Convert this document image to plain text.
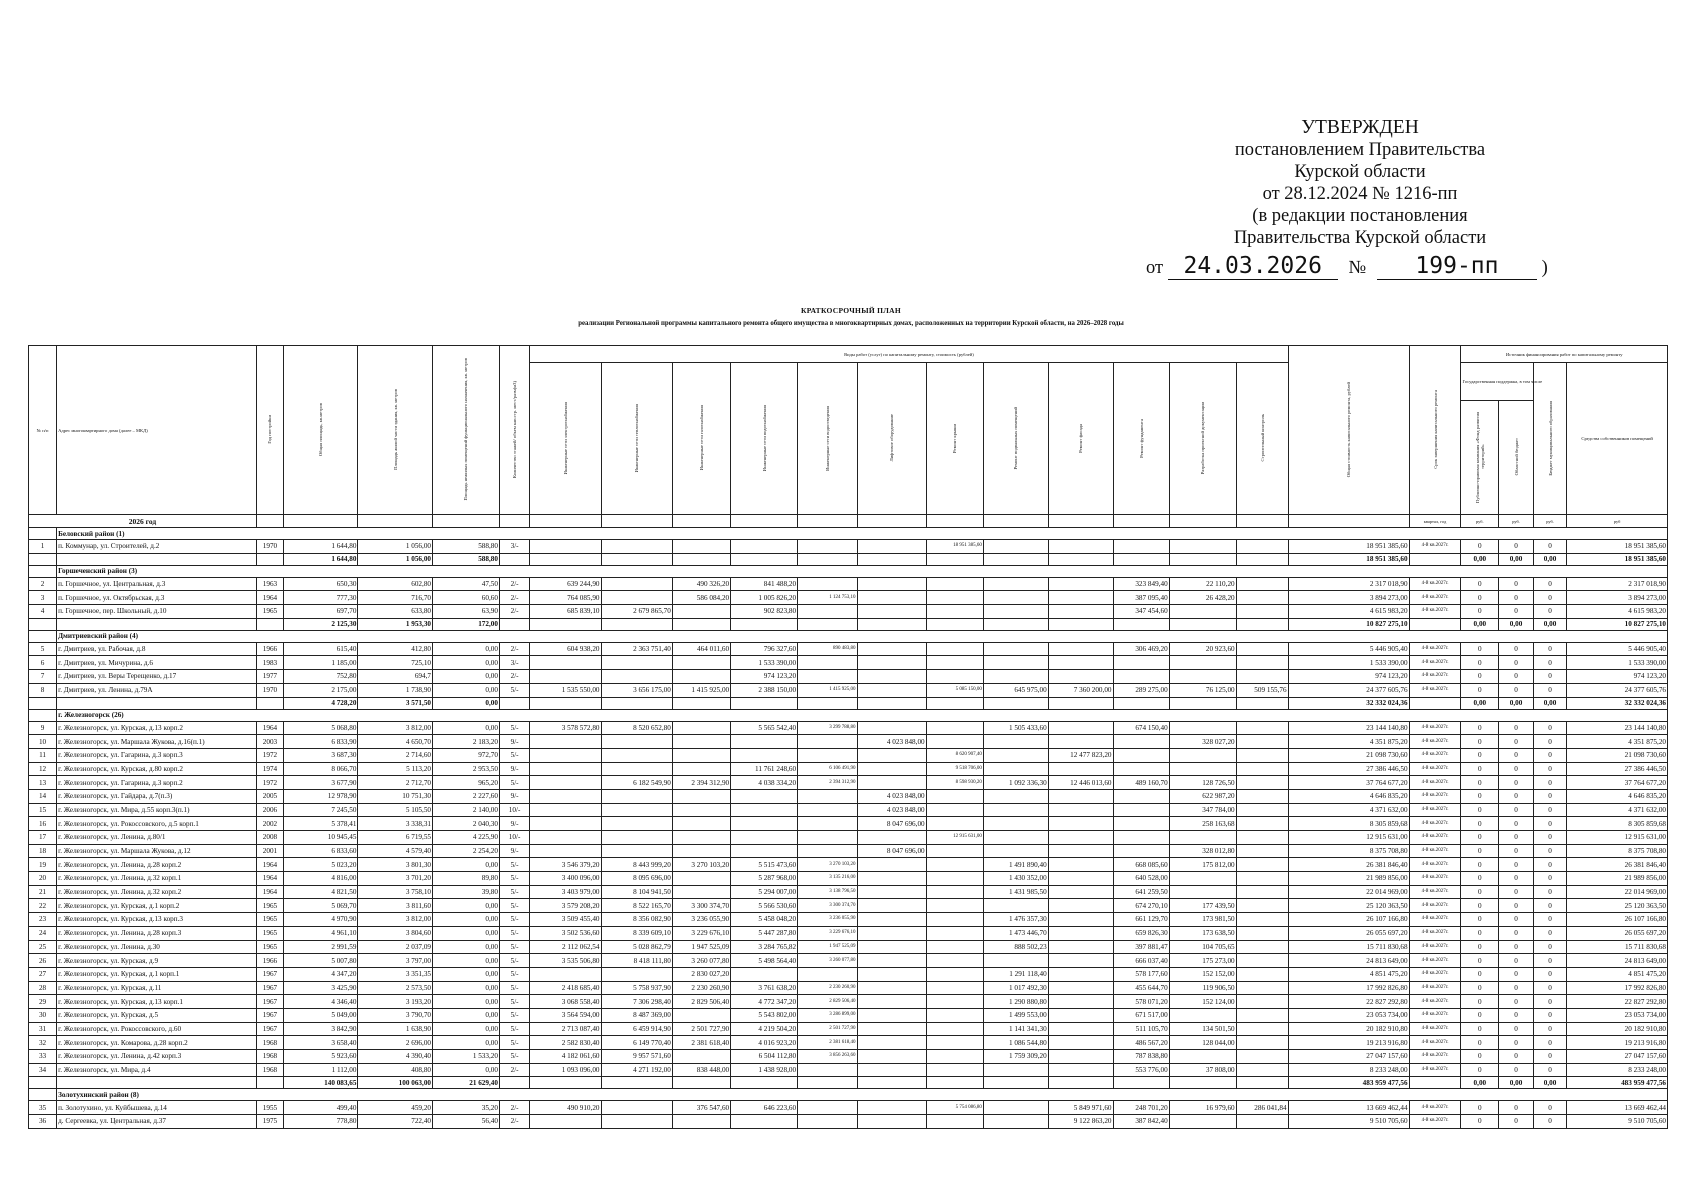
УТВЕРЖДЕН
постановлением Правительства
Курской области
от 28.12.2024 № 1216-пп
(в редакции постановления
Правительства Курской области
от 24.03.2026 № 199-пп )
КРАТКОСРОЧНЫЙ ПЛАН
реализации Региональной программы капитального ремонта общего имущества в многоквартирных домах, расположенных на территории Курской области, на 2026–2028 годы
№ п/п	Адрес многоквартирного дома (далее – МКД)	Год постройки	Общая площадь, кв.метров	Площадь жилой части здания, кв. метров	Площадь нежилых помещений функционального назначения, кв. метров	Количество этажей/ объем кап.стр. мест/разм(м3)	Виды работ (услуг) по капитальному ремонту, стоимость (рублей)												Общая стоимость капитального ремонта, рублей	Срок завершения капитального ремонта	Источник финансирования работ по капитальному ремонту			
							Инженерные сети электроснабжения	Инженерные сети теплоснабжения	Инженерные сети газоснабжения	Инженерные сети водоснабжения	Инженерные сети водоотведения	Лифтовое оборудование	Ремонт крыши	Ремонт подвальных помещений	Ремонт фасада	Ремонт фундамента	Разработка проектной документации	Строительный контроль			Государственная поддержка, в том числе		Бюджет муниципального образования	Средства собственников помещений
																					Публично-правовая компания «Фонд развития территорий»	Областной бюджет		
2026 год																				квартал, год	руб.	руб.	руб.	руб
	Беловский район (1)																							
1	п. Коммунар, ул. Строителей, д.2	1970	1 644,80	1 056,00	588,80	3/-							18 951 385,60						18 951 385,60	4-й кв.2027г.	0	0	0	18 951 385,60
			1 644,80	1 056,00	588,80														18 951 385,60		0,00	0,00	0,00	18 951 385,60
	Горшеченский район (3)																							
2	п. Горшечное, ул. Центральная, д.3	1963	650,30	602,80	47,50	2/-	639 244,90		490 326,20	841 488,20						323 849,40	22 110,20		2 317 018,90	4-й кв.2027г.	0	0	0	2 317 018,90
3	п. Горшечное, ул. Октябрьская, д.3	1964	777,30	716,70	60,60	2/-	764 085,90		586 084,20	1 005 826,20	1 124 753,10					387 095,40	26 428,20		3 894 273,00	4-й кв.2027г.	0	0	0	3 894 273,00
4	п. Горшечное, пер. Школьный, д.10	1965	697,70	633,80	63,90	2/-	685 839,10	2 679 865,70		902 823,80						347 454,60			4 615 983,20	4-й кв.2027г.	0	0	0	4 615 983,20
			2 125,30	1 953,30	172,00														10 827 275,10		0,00	0,00	0,00	10 827 275,10
	Дмитриевский район (4)																							
5	г. Дмитриев, ул. Рабочая, д.8	1966	615,40	412,80	0,00	2/-	604 938,20	2 363 751,40	464 011,60	796 327,60	890 483,80					306 469,20	20 923,60		5 446 905,40	4-й кв.2027г.	0	0	0	5 446 905,40
6	г. Дмитриев, ул. Мичурина, д.6	1983	1 185,00	725,10	0,00	3/-				1 533 390,00									1 533 390,00	4-й кв.2027г.	0	0	0	1 533 390,00
7	г. Дмитриев, ул. Веры Терещенко, д.17	1977	752,80	694,7	0,00	2/-				974 123,20									974 123,20	4-й кв.2027г.	0	0	0	974 123,20
8	г. Дмитриев, ул. Ленина, д.79А	1970	2 175,00	1 738,90	0,00	5/-	1 535 550,00	3 656 175,00	1 415 925,00	2 388 150,00	1 415 925,00		5 085 150,00	645 975,00	7 360 200,00	289 275,00	76 125,00	509 155,76	24 377 605,76	4-й кв.2027г.	0	0	0	24 377 605,76
			4 728,20	3 571,50	0,00														32 332 024,36		0,00	0,00	0,00	32 332 024,36
	г. Железногорск (26)																							
9	г. Железногорск, ул. Курская, д.13 корп.2	1964	5 068,80	3 812,00	0,00	5/-	3 578 572,80	8 520 652,80		5 565 542,40	3 299 788,80			1 505 433,60		674 150,40			23 144 140,80	4-й кв.2027г.	0	0	0	23 144 140,80
10	г. Железногорск, ул. Маршала Жукова, д.16(п.1)	2003	6 833,90	4 650,70	2 183,20	9/-						4 023 848,00					328 027,20		4 351 875,20	4-й кв.2027г.	0	0	0	4 351 875,20
11	г. Железногорск, ул. Гагарина, д.3 корп.3	1972	3 687,30	2 714,60	972,70	5/-							8 620 907,40		12 477 823,20				21 098 730,60	4-й кв.2027г.	0	0	0	21 098 730,60
12	г. Железногорск, ул. Курская, д.80 корп.2	1974	8 066,70	5 113,20	2 953,50	9/-				11 761 248,60	6 106 491,90		9 518 706,00						27 386 446,50	4-й кв.2027г.	0	0	0	27 386 446,50
13	г. Железногорск, ул. Гагарина, д.3 корп.2	1972	3 677,90	2 712,70	965,20	5/-		6 182 549,90	2 394 312,90	4 038 334,20	2 394 312,90		8 598 930,20	1 092 336,30	12 446 013,60	489 160,70	128 726,50		37 764 677,20	4-й кв.2027г.	0	0	0	37 764 677,20
14	г. Железногорск, ул. Гайдара, д.7(п.3)	2005	12 978,90	10 751,30	2 227,60	9/-						4 023 848,00					622 987,20		4 646 835,20	4-й кв.2027г.	0	0	0	4 646 835,20
15	г. Железногорск, ул. Мира, д.55 корп.3(п.1)	2006	7 245,50	5 105,50	2 140,00	10/-						4 023 848,00					347 784,00		4 371 632,00	4-й кв.2027г.	0	0	0	4 371 632,00
16	г. Железногорск, ул. Рокоссовского, д.5 корп.1	2002	5 378,41	3 338,31	2 040,30	9/-						8 047 696,00					258 163,68		8 305 859,68	4-й кв.2027г.	0	0	0	8 305 859,68
17	г. Железногорск, ул. Ленина, д.80/1	2008	10 945,45	6 719,55	4 225,90	10/-							12 915 631,00						12 915 631,00	4-й кв.2027г.	0	0	0	12 915 631,00
18	г. Железногорск, ул. Маршала Жукова, д.12	2001	6 833,60	4 579,40	2 254,20	9/-						8 047 696,00					328 012,80		8 375 708,80	4-й кв.2027г.	0	0	0	8 375 708,80
19	г. Железногорск, ул. Ленина, д.28 корп.2	1964	5 023,20	3 801,30	0,00	5/-	3 546 379,20	8 443 999,20	3 270 103,20	5 515 473,60	3 270 103,20			1 491 890,40		668 085,60	175 812,00		26 381 846,40	4-й кв.2027г.	0	0	0	26 381 846,40
20	г. Железногорск, ул. Ленина, д.32 корп.1	1964	4 816,00	3 701,20	89,80	5/-	3 400 096,00	8 095 696,00		5 287 968,00	3 135 216,00			1 430 352,00		640 528,00			21 989 856,00	4-й кв.2027г.	0	0	0	21 989 856,00
21	г. Железногорск, ул. Ленина, д.32 корп.2	1964	4 821,50	3 758,10	39,80	5/-	3 403 979,00	8 104 941,50		5 294 007,00	3 138 796,50			1 431 985,50		641 259,50			22 014 969,00	4-й кв.2027г.	0	0	0	22 014 969,00
22	г. Железногорск, ул. Курская, д.1 корп.2	1965	5 069,70	3 811,60	0,00	5/-	3 579 208,20	8 522 165,70	3 300 374,70	5 566 530,60	3 300 374,70					674 270,10	177 439,50		25 120 363,50	4-й кв.2027г.	0	0	0	25 120 363,50
23	г. Железногорск, ул. Курская, д.13 корп.3	1965	4 970,90	3 812,00	0,00	5/-	3 509 455,40	8 356 082,90	3 236 055,90	5 458 048,20	3 236 055,90			1 476 357,30		661 129,70	173 981,50		26 107 166,80	4-й кв.2027г.	0	0	0	26 107 166,80
24	г. Железногорск, ул. Ленина, д.28 корп.3	1965	4 961,10	3 804,60	0,00	5/-	3 502 536,60	8 339 609,10	3 229 676,10	5 447 287,80	3 229 676,10			1 473 446,70		659 826,30	173 638,50		26 055 697,20	4-й кв.2027г.	0	0	0	26 055 697,20
25	г. Железногорск, ул. Ленина, д.30	1965	2 991,59	2 037,09	0,00	5/-	2 112 062,54	5 028 862,79	1 947 525,09	3 284 765,82	1 947 525,09			888 502,23		397 881,47	104 705,65		15 711 830,68	4-й кв.2027г.	0	0	0	15 711 830,68
26	г. Железногорск, ул. Курская, д.9	1966	5 007,80	3 797,00	0,00	5/-	3 535 506,80	8 418 111,80	3 260 077,80	5 498 564,40	3 260 077,80					666 037,40	175 273,00		24 813 649,00	4-й кв.2027г.	0	0	0	24 813 649,00
27	г. Железногорск, ул. Курская, д.1 корп.1	1967	4 347,20	3 351,35	0,00	5/-			2 830 027,20					1 291 118,40		578 177,60	152 152,00		4 851 475,20	4-й кв.2027г.	0	0	0	4 851 475,20
28	г. Железногорск, ул. Курская, д.11	1967	3 425,90	2 573,50	0,00	5/-	2 418 685,40	5 758 937,90	2 230 260,90	3 761 638,20	2 230 260,90			1 017 492,30		455 644,70	119 906,50		17 992 826,80	4-й кв.2027г.	0	0	0	17 992 826,80
29	г. Железногорск, ул. Курская, д.13 корп.1	1967	4 346,40	3 193,20	0,00	5/-	3 068 558,40	7 306 298,40	2 829 506,40	4 772 347,20	2 829 506,40			1 290 880,80		578 071,20	152 124,00		22 827 292,80	4-й кв.2027г.	0	0	0	22 827 292,80
30	г. Железногорск, ул. Курская, д.5	1967	5 049,00	3 790,70	0,00	5/-	3 564 594,00	8 487 369,00		5 543 802,00	3 286 899,00			1 499 553,00		671 517,00			23 053 734,00	4-й кв.2027г.	0	0	0	23 053 734,00
31	г. Железногорск, ул. Рокоссовского, д.60	1967	3 842,90	1 638,90	0,00	5/-	2 713 087,40	6 459 914,90	2 501 727,90	4 219 504,20	2 501 727,90			1 141 341,30		511 105,70	134 501,50		20 182 910,80	4-й кв.2027г.	0	0	0	20 182 910,80
32	г. Железногорск, ул. Комарова, д.28 корп.2	1968	3 658,40	2 696,00	0,00	5/-	2 582 830,40	6 149 770,40	2 381 618,40	4 016 923,20	2 381 618,40			1 086 544,80		486 567,20	128 044,00		19 213 916,80	4-й кв.2027г.	0	0	0	19 213 916,80
33	г. Железногорск, ул. Ленина, д.42 корп.3	1968	5 923,60	4 390,40	1 533,20	5/-	4 182 061,60	9 957 571,60		6 504 112,80	3 856 263,60			1 759 309,20		787 838,80			27 047 157,60	4-й кв.2027г.	0	0	0	27 047 157,60
34	г. Железногорск, ул. Мира, д.4	1968	1 112,00	408,80	0,00	2/-	1 093 096,00	4 271 192,00	838 448,00	1 438 928,00						553 776,00	37 808,00		8 233 248,00	4-й кв.2027г.	0	0	0	8 233 248,00
			140 083,65	100 063,00	21 629,40														483 959 477,56		0,00	0,00	0,00	483 959 477,56
	Золотухинский район (8)																							
35	п. Золотухино, ул. Куйбышева, д.14	1955	499,40	459,20	35,20	2/-	490 910,20		376 547,60	646 223,60			5 754 086,80		5 849 971,60	248 701,20	16 979,60	286 041,84	13 669 462,44	4-й кв.2027г.	0	0	0	13 669 462,44
36	д. Сергеевка, ул. Центральная, д.37	1975	778,80	722,40	56,40	2/-									9 122 863,20	387 842,40			9 510 705,60	4-й кв.2027г.	0	0	0	9 510 705,60
